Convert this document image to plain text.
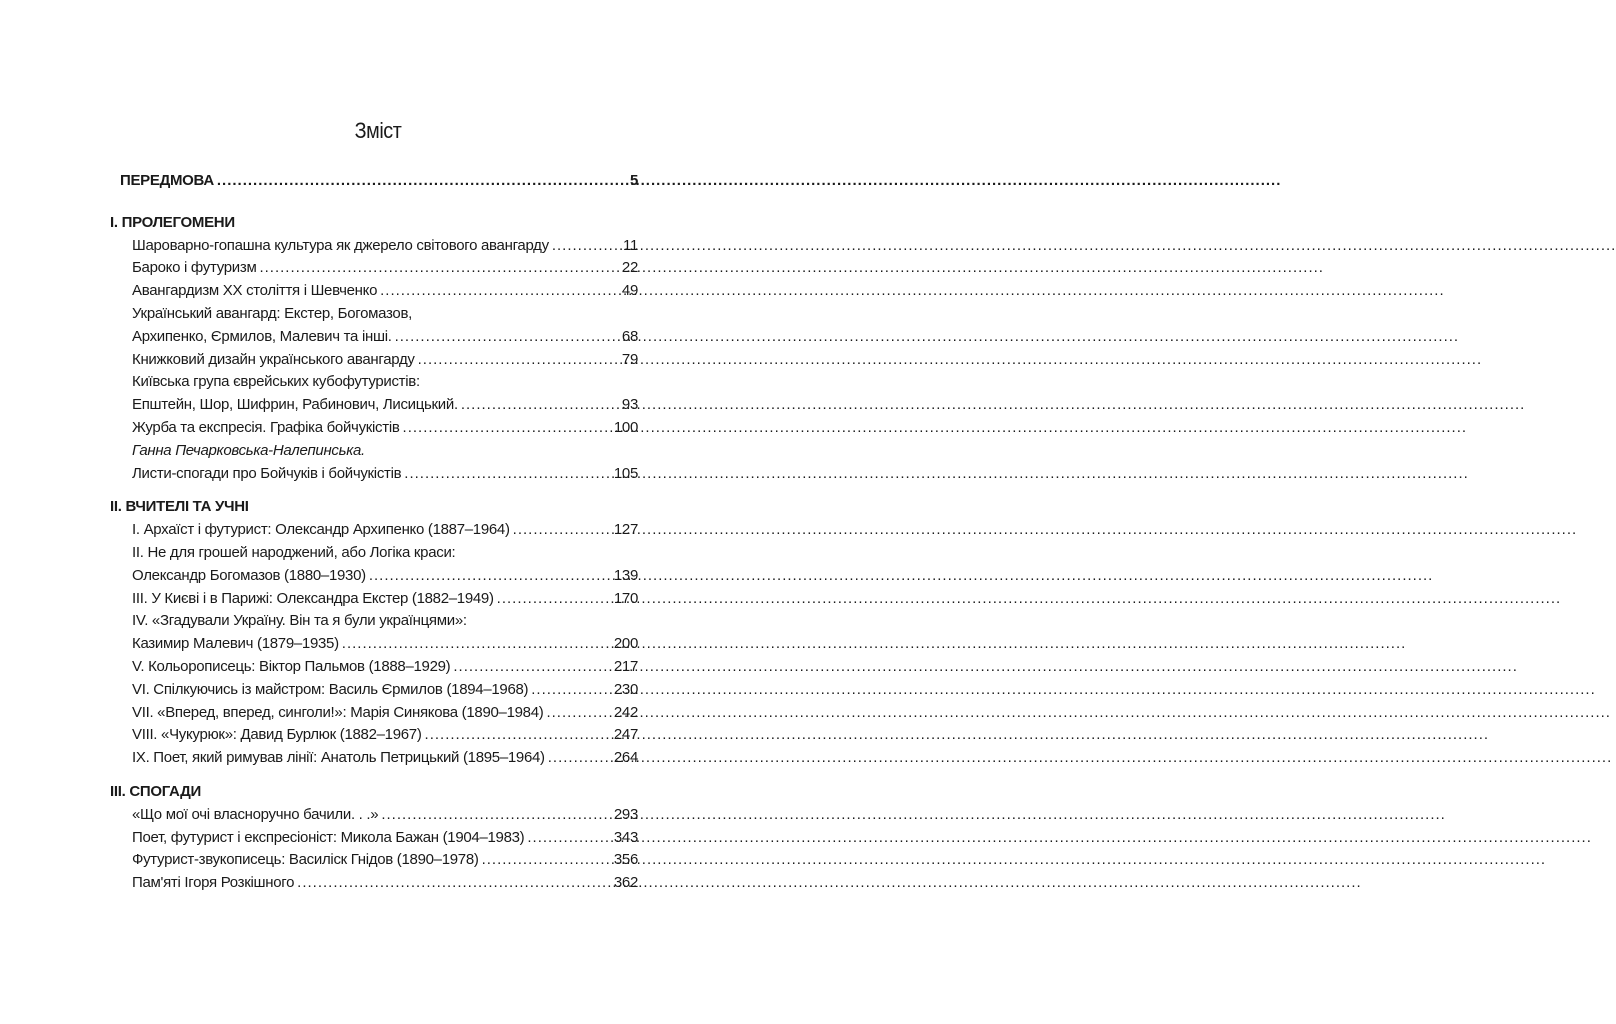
Зміст
ПЕРЕДМОВА .....	5
I. ПРОЛЕГОМЕНИ
Шароварно-гопашна культура як джерело світового авангарду .....	11
Бароко і футуризм .....	22
Авангардизм ХХ століття і Шевченко .....	49
Український авангард: Екстер, Богомазов,
Архипенко, Єрмилов, Малевич та інші. .....	68
Книжковий дизайн українського авангарду .....	79
Київська група єврейських кубофутуристів:
Епштейн, Шор, Шифрин, Рабинович, Лисицький. .....	93
Журба та експресія. Графіка бойчукістів .....	100
Ганна Печарковська-Налепинська.
Листи-спогади про Бойчуків і бойчукістів .....	105
II. ВЧИТЕЛІ ТА УЧНІ
I. Архаїст і футурист: Олександр Архипенко (1887–1964) .....	127
II. Не для грошей народжений, або Логіка краси:
Олександр Богомазов (1880–1930) .....	139
III. У Києві і в Парижі: Олександра Екстер (1882–1949) .....	170
IV. «Згадували Україну. Він та я були українцями»:
Казимир Малевич (1879–1935) .....	200
V. Кольорописець: Віктор Пальмов (1888–1929) .....	217
VI. Спілкуючись із майстром: Василь Єрмилов (1894–1968) .....	230
VII. «Вперед, вперед, синголи!»: Марія Синякова (1890–1984) .....	242
VIII. «Чукурюк»: Давид Бурлюк (1882–1967) .....	247
IX. Поет, який римував лінії: Анатоль Петрицький (1895–1964) .....	264
III. СПОГАДИ
«Що мої очі власноручно бачили. . .» .....	293
Поет, футурист і експресіоніст: Микола Бажан (1904–1983) .....	343
Футурист-звукописець: Василіск Гнідов (1890–1978) .....	356
Пам'яті Ігоря Розкішного .....	362
